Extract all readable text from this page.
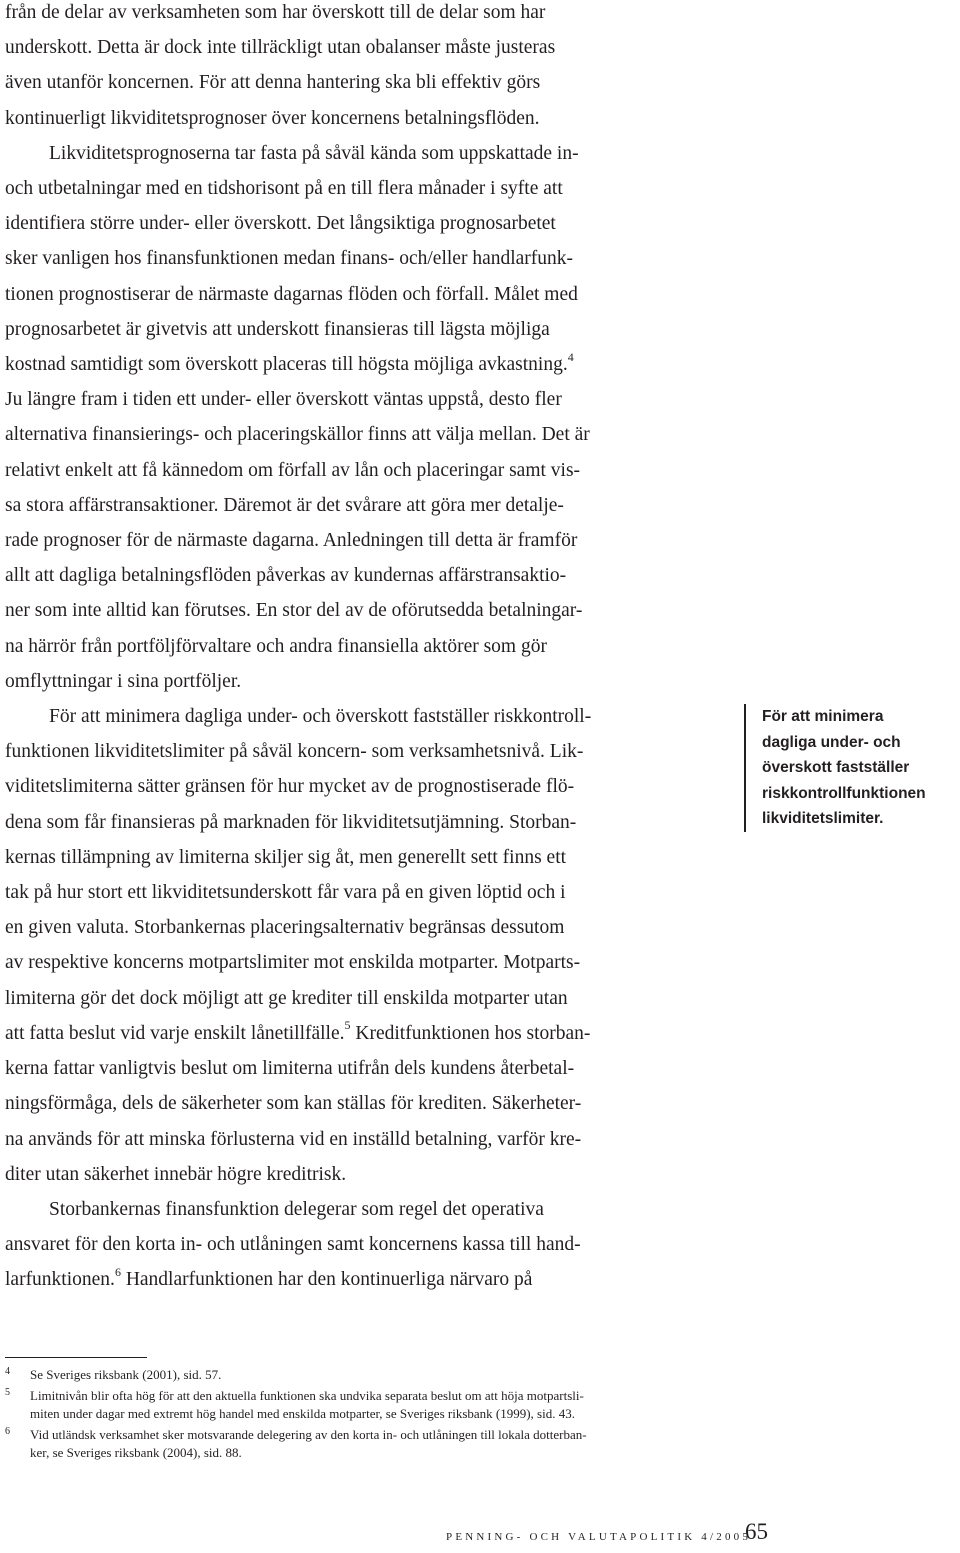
från de delar av verksamheten som har överskott till de delar som har
underskott. Detta är dock inte tillräckligt utan obalanser måste justeras
även utanför koncernen. För att denna hantering ska bli effektiv görs
kontinuerligt likviditetsprognoser över koncernens betalningsflöden.

Likviditetsprognoserna tar fasta på såväl kända som uppskattade in-
och utbetalningar med en tidshorisont på en till flera månader i syfte att
identifiera större under- eller överskott. Det långsiktiga prognosarbetet
sker vanligen hos finansfunktionen medan finans- och/eller handlarfunk-
tionen prognostiserar de närmaste dagarnas flöden och förfall. Målet med
prognosarbetet är givetvis att underskott finansieras till lägsta möjliga
kostnad samtidigt som överskott placeras till högsta möjliga avkastning.$^4$
Ju längre fram i tiden ett under- eller överskott väntas uppstå, desto fler
alternativa finansierings- och placeringskällor finns att välja mellan. Det är
relativt enkelt att få kännedom om förfall av lån och placeringar samt vis-
sa stora affärstransaktioner. Däremot är det svårare att göra mer detalje-
rade prognoser för de närmaste dagarna. Anledningen till detta är framför
allt att dagliga betalningsflöden påverkas av kundernas affärstransaktio-
ner som inte alltid kan förutses. En stor del av de oförutsedda betalningar-
na härrör från portföljförvaltare och andra finansiella aktörer som gör
omflyttningar i sina portföljer.

För att minimera dagliga under- och överskott fastställer riskkontroll-
funktionen likviditetslimiter på såväl koncern- som verksamhetsnivå. Lik-
viditetslimiterna sätter gränsen för hur mycket av de prognostiserade flö-
dena som får finansieras på marknaden för likviditetsutjämning. Storban-
kernas tillämpning av limiterna skiljer sig åt, men generellt sett finns ett
tak på hur stort ett likviditetsunderskott får vara på en given löptid och i
en given valuta. Storbankernas placeringsalternativ begränsas dessutom
av respektive koncerns motpartslimiter mot enskilda motparter. Motparts-
limiterna gör det dock möjligt att ge krediter till enskilda motparter utan
att fatta beslut vid varje enskilt lånetillfälle.$^5$ Kreditfunktionen hos storban-
kerna fattar vanligtvis beslut om limiterna utifrån dels kundens återbetal-
ningsförmåga, dels de säkerheter som kan ställas för krediten. Säkerheter-
na används för att minska förlusterna vid en inställd betalning, varför kre-
diter utan säkerhet innebär högre kreditrisk.

Storbankernas finansfunktion delegerar som regel det operativa
ansvaret för den korta in- och utlåningen samt koncernens kassa till hand-
larfunktionen.$^6$ Handlarfunktionen har den kontinuerliga närvaro på

För att minimera
dagliga under- och
överskott fastställer
riskkontrollfunktionen
likviditetslimiter.
4	Se Sveriges riksbank (2001), sid. 57.
5	Limitnivån blir ofta hög för att den aktuella funktionen ska undvika separata beslut om att höja motpartsli-
miten under dagar med extremt hög handel med enskilda motparter, se Sveriges riksbank (1999), sid. 43.
6	Vid utländsk verksamhet sker motsvarande delegering av den korta in- och utlåningen till lokala dotterban-
ker, se Sveriges riksbank (2004), sid. 88.
PENNING- OCH VALUTAPOLITIK 4/2005
65
